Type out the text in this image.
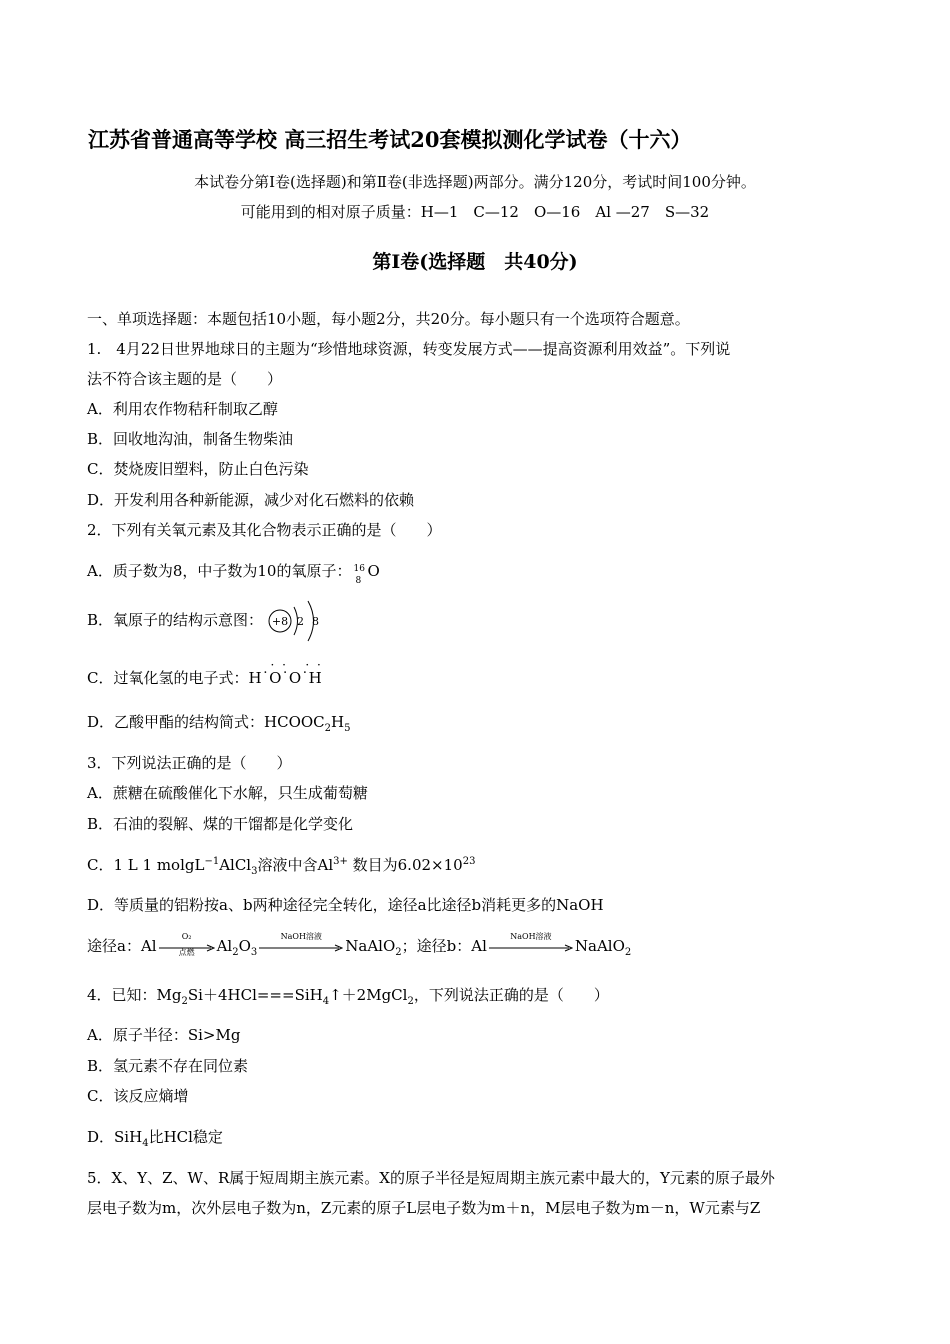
江苏省普通高等学校 高三招生考试20套模拟测化学试卷（十六）
本试卷分第Ⅰ卷(选择题)和第Ⅱ卷(非选择题)两部分。满分120分，考试时间100分钟。
可能用到的相对原子质量：H—1　C—12　O—16　Al —27　S—32
第Ⅰ卷(选择题　共40分)
一、单项选择题：本题包括10小题，每小题2分，共20分。每小题只有一个选项符合题意。
1.　4月22日世界地球日的主题为“珍惜地球资源，转变发展方式——提高资源利用效益”。下列说
法不符合该主题的是（　　）
A．利用农作物秸秆制取乙醇
B．回收地沟油，制备生物柴油
C．焚烧废旧塑料，防止白色污染
D．开发利用各种新能源，减少对化石燃料的依赖
2．下列有关氧元素及其化合物表示正确的是（　　）
A．质子数为8，中子数为10的氧原子： 16
8
O
B．氧原子的结构示意图： +8 2 8
C．过氧化氢的电子式：
· ·   · ·
H˙O˙O˙H
D．乙酸甲酯的结构简式：$HCOOC_2H_5$
3．下列说法正确的是（　　）
A．蔗糖在硫酸催化下水解，只生成葡萄糖
B．石油的裂解、煤的干馏都是化学变化
C．1 L 1 molgL$^{-1}$AlCl$_3$溶液中含$Al^{3+}$ 数目为$6.02\times 10^{23}$
D．等质量的铝粉按a、b两种途径完全转化，途径a比途径b消耗更多的NaOH
途径a：Al
O₂
点燃	$Al_2O_3$
NaOH溶液
NaAlO$_2$；途径b：Al
NaOH溶液
NaAlO$_2$
4．已知：$Mg_2Si+4HCl===SiH_4↑+2MgCl_2$，下列说法正确的是（　　）
A．原子半径：Si>Mg
B．氢元素不存在同位素
C．该反应熵增
D．SiH$_4$比HCl稳定
5．X、Y、Z、W、R属于短周期主族元素。X的原子半径是短周期主族元素中最大的，Y元素的原子最外
层电子数为m，次外层电子数为n，Z元素的原子L层电子数为m＋n，M层电子数为m－n，W元素与Z
